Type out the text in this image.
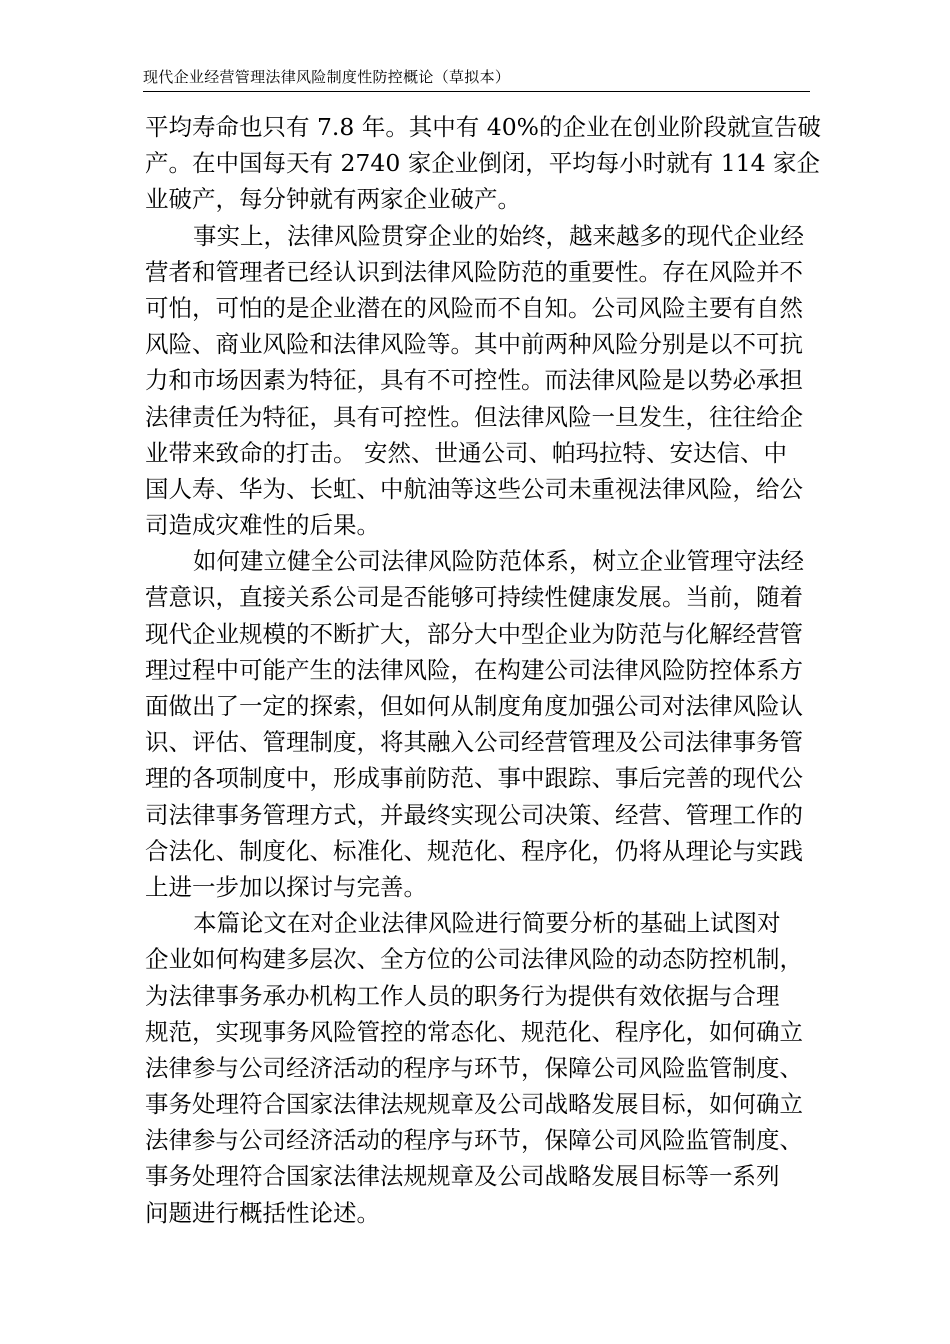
现代企业经营管理法律风险制度性防控概论（草拟本）
平均寿命也只有 7.8 年。其中有 40%的企业在创业阶段就宣告破
产。在中国每天有 2740 家企业倒闭，平均每小时就有 114 家企
业破产，每分钟就有两家企业破产。
事实上，法律风险贯穿企业的始终，越来越多的现代企业经
营者和管理者已经认识到法律风险防范的重要性。存在风险并不
可怕，可怕的是企业潜在的风险而不自知。公司风险主要有自然
风险、商业风险和法律风险等。其中前两种风险分别是以不可抗
力和市场因素为特征，具有不可控性。而法律风险是以势必承担
法律责任为特征，具有可控性。但法律风险一旦发生，往往给企
业带来致命的打击。 安然、世通公司、帕玛拉特、安达信、中
国人寿、华为、长虹、中航油等这些公司未重视法律风险，给公
司造成灾难性的后果。
如何建立健全公司法律风险防范体系，树立企业管理守法经
营意识，直接关系公司是否能够可持续性健康发展。当前，随着
现代企业规模的不断扩大，部分大中型企业为防范与化解经营管
理过程中可能产生的法律风险，在构建公司法律风险防控体系方
面做出了一定的探索，但如何从制度角度加强公司对法律风险认
识、评估、管理制度，将其融入公司经营管理及公司法律事务管
理的各项制度中，形成事前防范、事中跟踪、事后完善的现代公
司法律事务管理方式，并最终实现公司决策、经营、管理工作的
合法化、制度化、标准化、规范化、程序化，仍将从理论与实践
上进一步加以探讨与完善。
本篇论文在对企业法律风险进行简要分析的基础上试图对
企业如何构建多层次、全方位的公司法律风险的动态防控机制，
为法律事务承办机构工作人员的职务行为提供有效依据与合理
规范，实现事务风险管控的常态化、规范化、程序化，如何确立
法律参与公司经济活动的程序与环节，保障公司风险监管制度、
事务处理符合国家法律法规规章及公司战略发展目标，如何确立
法律参与公司经济活动的程序与环节，保障公司风险监管制度、
事务处理符合国家法律法规规章及公司战略发展目标等一系列
问题进行概括性论述。
